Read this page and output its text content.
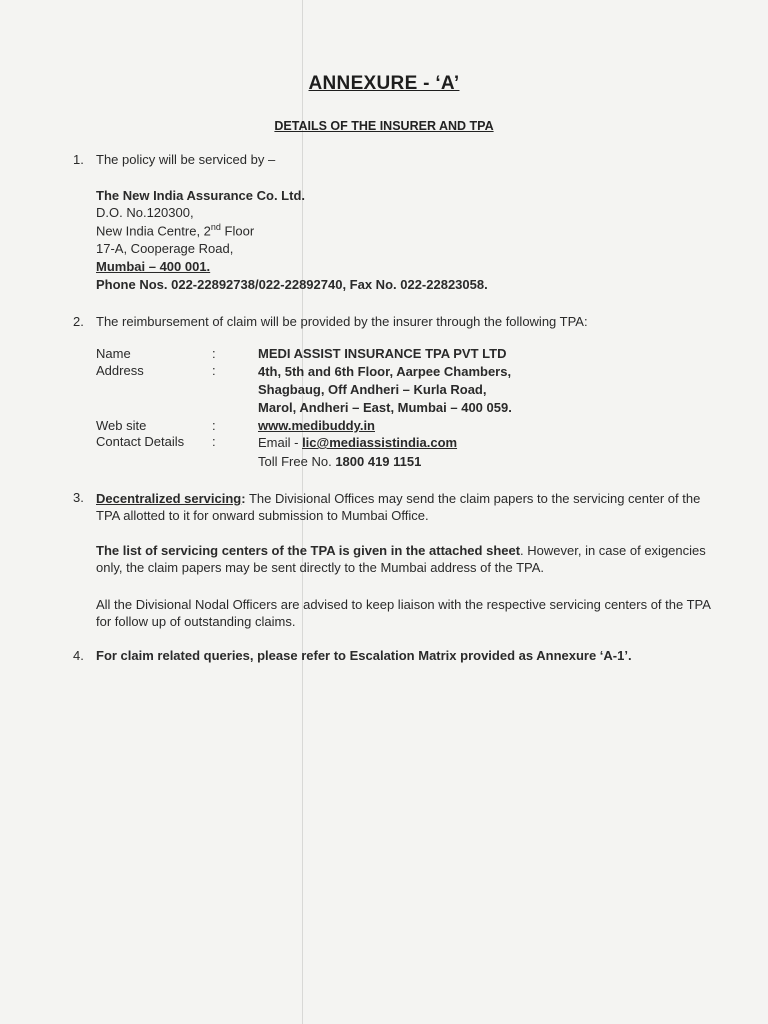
ANNEXURE - ‘A’
DETAILS OF THE INSURER AND TPA
1. The policy will be serviced by –
The New India Assurance Co. Ltd.
D.O. No.120300,
New India Centre, 2nd Floor
17-A, Cooperage Road,
Mumbai – 400 001.
Phone Nos. 022-22892738/022-22892740, Fax No. 022-22823058.
2. The reimbursement of claim will be provided by the insurer through the following TPA:
Name	:	MEDI ASSIST INSURANCE TPA PVT LTD
Address	:	4th, 5th and 6th Floor, Aarpee Chambers,
Shagbaug, Off Andheri – Kurla Road,
Marol, Andheri – East, Mumbai – 400 059.
Web site	:	www.medibuddy.in
Contact Details :	Email - lic@mediassistindia.com
Toll Free No. 1800 419 1151
3. Decentralized servicing: The Divisional Offices may send the claim papers to the servicing center of the TPA allotted to it for onward submission to Mumbai Office.
The list of servicing centers of the TPA is given in the attached sheet. However, in case of exigencies only, the claim papers may be sent directly to the Mumbai address of the TPA.
All the Divisional Nodal Officers are advised to keep liaison with the respective servicing centers of the TPA for follow up of outstanding claims.
4. For claim related queries, please refer to Escalation Matrix provided as Annexure ‘A-1’.
